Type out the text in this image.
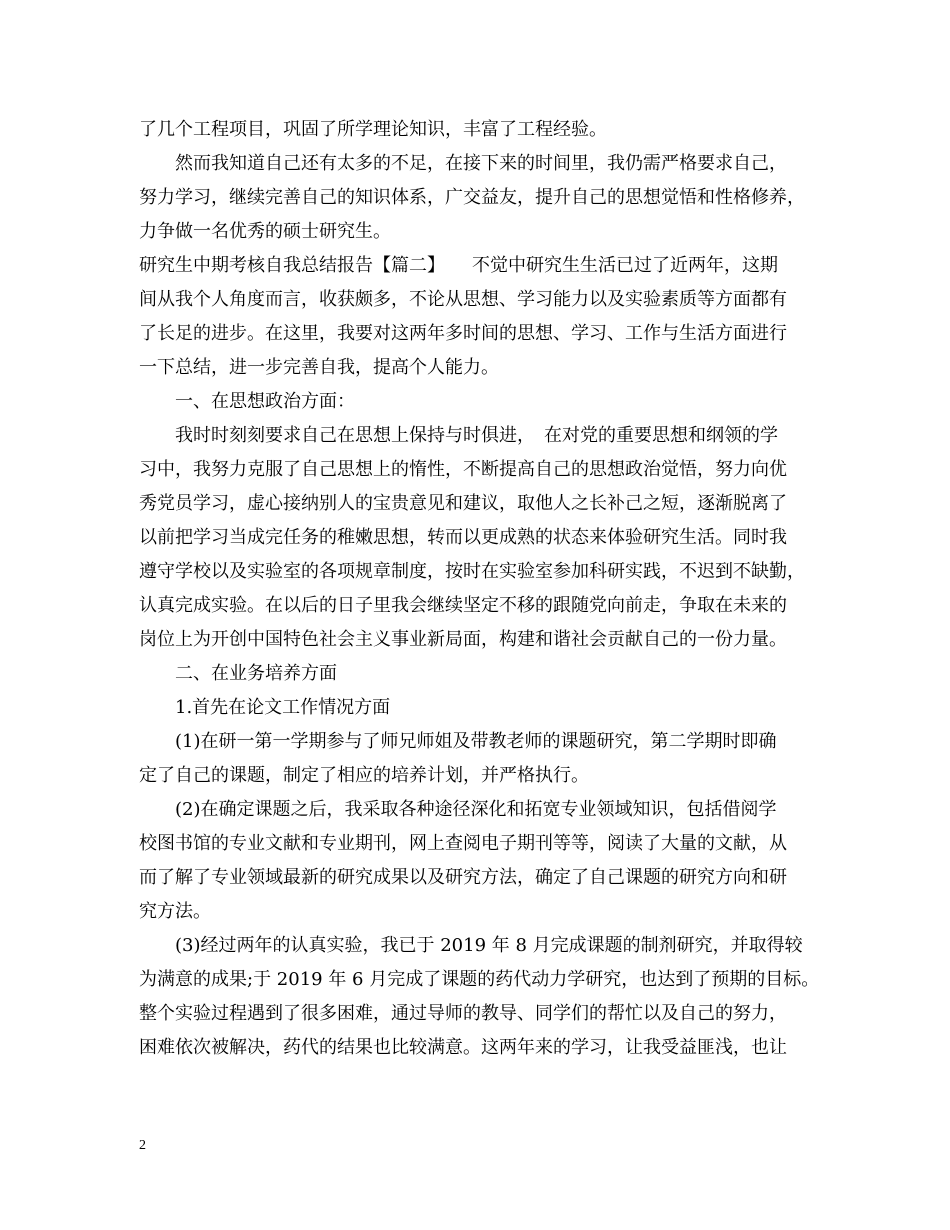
了几个工程项目，巩固了所学理论知识，丰富了工程经验。
然而我知道自己还有太多的不足，在接下来的时间里，我仍需严格要求自己，
努力学习，继续完善自己的知识体系，广交益友，提升自己的思想觉悟和性格修养，
力争做一名优秀的硕士研究生。
研究生中期考核自我总结报告【篇二】　　不觉中研究生生活已过了近两年，这期
间从我个人角度而言，收获颇多，不论从思想、学习能力以及实验素质等方面都有
了长足的进步。在这里，我要对这两年多时间的思想、学习、工作与生活方面进行
一下总结，进一步完善自我，提高个人能力。
一、在思想政治方面：
我时时刻刻要求自己在思想上保持与时俱进，　在对党的重要思想和纲领的学
习中，我努力克服了自己思想上的惰性，不断提高自己的思想政治觉悟，努力向优
秀党员学习，虚心接纳别人的宝贵意见和建议，取他人之长补己之短，逐渐脱离了
以前把学习当成完任务的稚嫩思想，转而以更成熟的状态来体验研究生活。同时我
遵守学校以及实验室的各项规章制度，按时在实验室参加科研实践，不迟到不缺勤，
认真完成实验。在以后的日子里我会继续坚定不移的跟随党向前走，争取在未来的
岗位上为开创中国特色社会主义事业新局面，构建和谐社会贡献自己的一份力量。
二、在业务培养方面
1.首先在论文工作情况方面
(1)在研一第一学期参与了师兄师姐及带教老师的课题研究，第二学期时即确
定了自己的课题，制定了相应的培养计划，并严格执行。
(2)在确定课题之后，我采取各种途径深化和拓宽专业领域知识，包括借阅学
校图书馆的专业文献和专业期刊，网上查阅电子期刊等等，阅读了大量的文献，从
而了解了专业领域最新的研究成果以及研究方法，确定了自己课题的研究方向和研
究方法。
(3)经过两年的认真实验，我已于 2019 年 8 月完成课题的制剂研究，并取得较
为满意的成果;于 2019 年 6 月完成了课题的药代动力学研究，也达到了预期的目标。
整个实验过程遇到了很多困难，通过导师的教导、同学们的帮忙以及自己的努力，
困难依次被解决，药代的结果也比较满意。这两年来的学习，让我受益匪浅，也让
2
